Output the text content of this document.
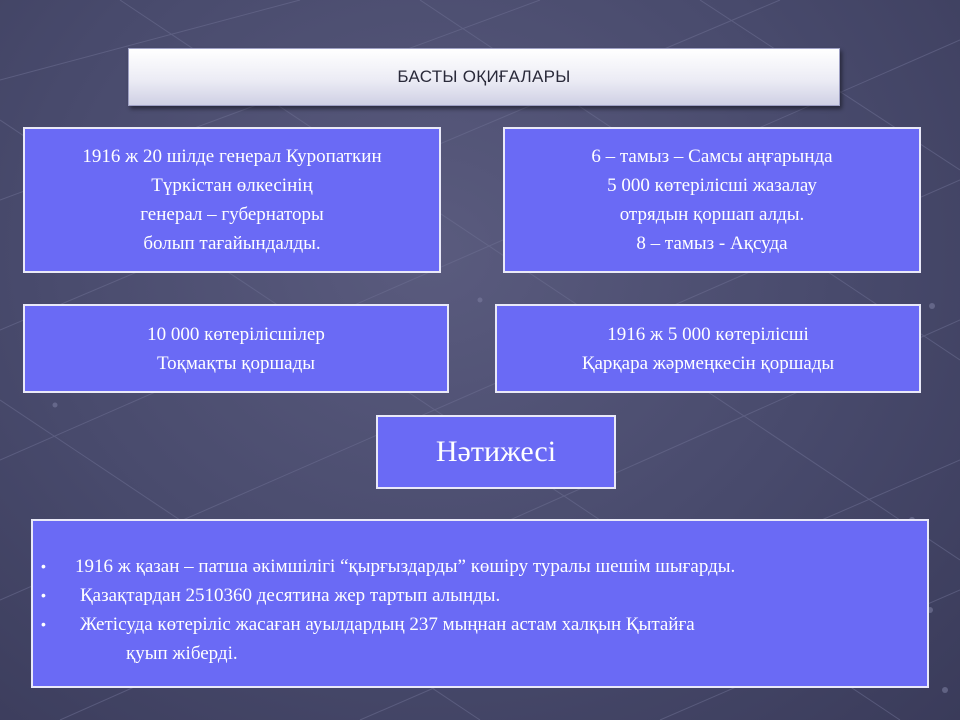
БАСТЫ ОҚИҒАЛАРЫ
1916 ж 20 шілде генерал Куропаткин
Түркістан өлкесінің
генерал – губернаторы
болып тағайындалды.
6 – тамыз – Самсы аңғарында
5 000 көтерілісші жазалау
отрядын қоршап алды.
8 – тамыз - Ақсуда
10 000 көтерілісшілер
Тоқмақты қоршады
1916 ж 5 000 көтерілісші
Қарқара жәрмеңкесін қоршады
Нәтижесі
• 1916 ж қазан – патша әкімшілігі “қырғыздарды” көшіру туралы шешім шығарды.
• Қазақтардан 2510360 десятина жер тартып алынды.
• Жетісуда көтеріліс жасаған ауылдардың 237 мыңнан астам халқын Қытайға
қуып жіберді.
